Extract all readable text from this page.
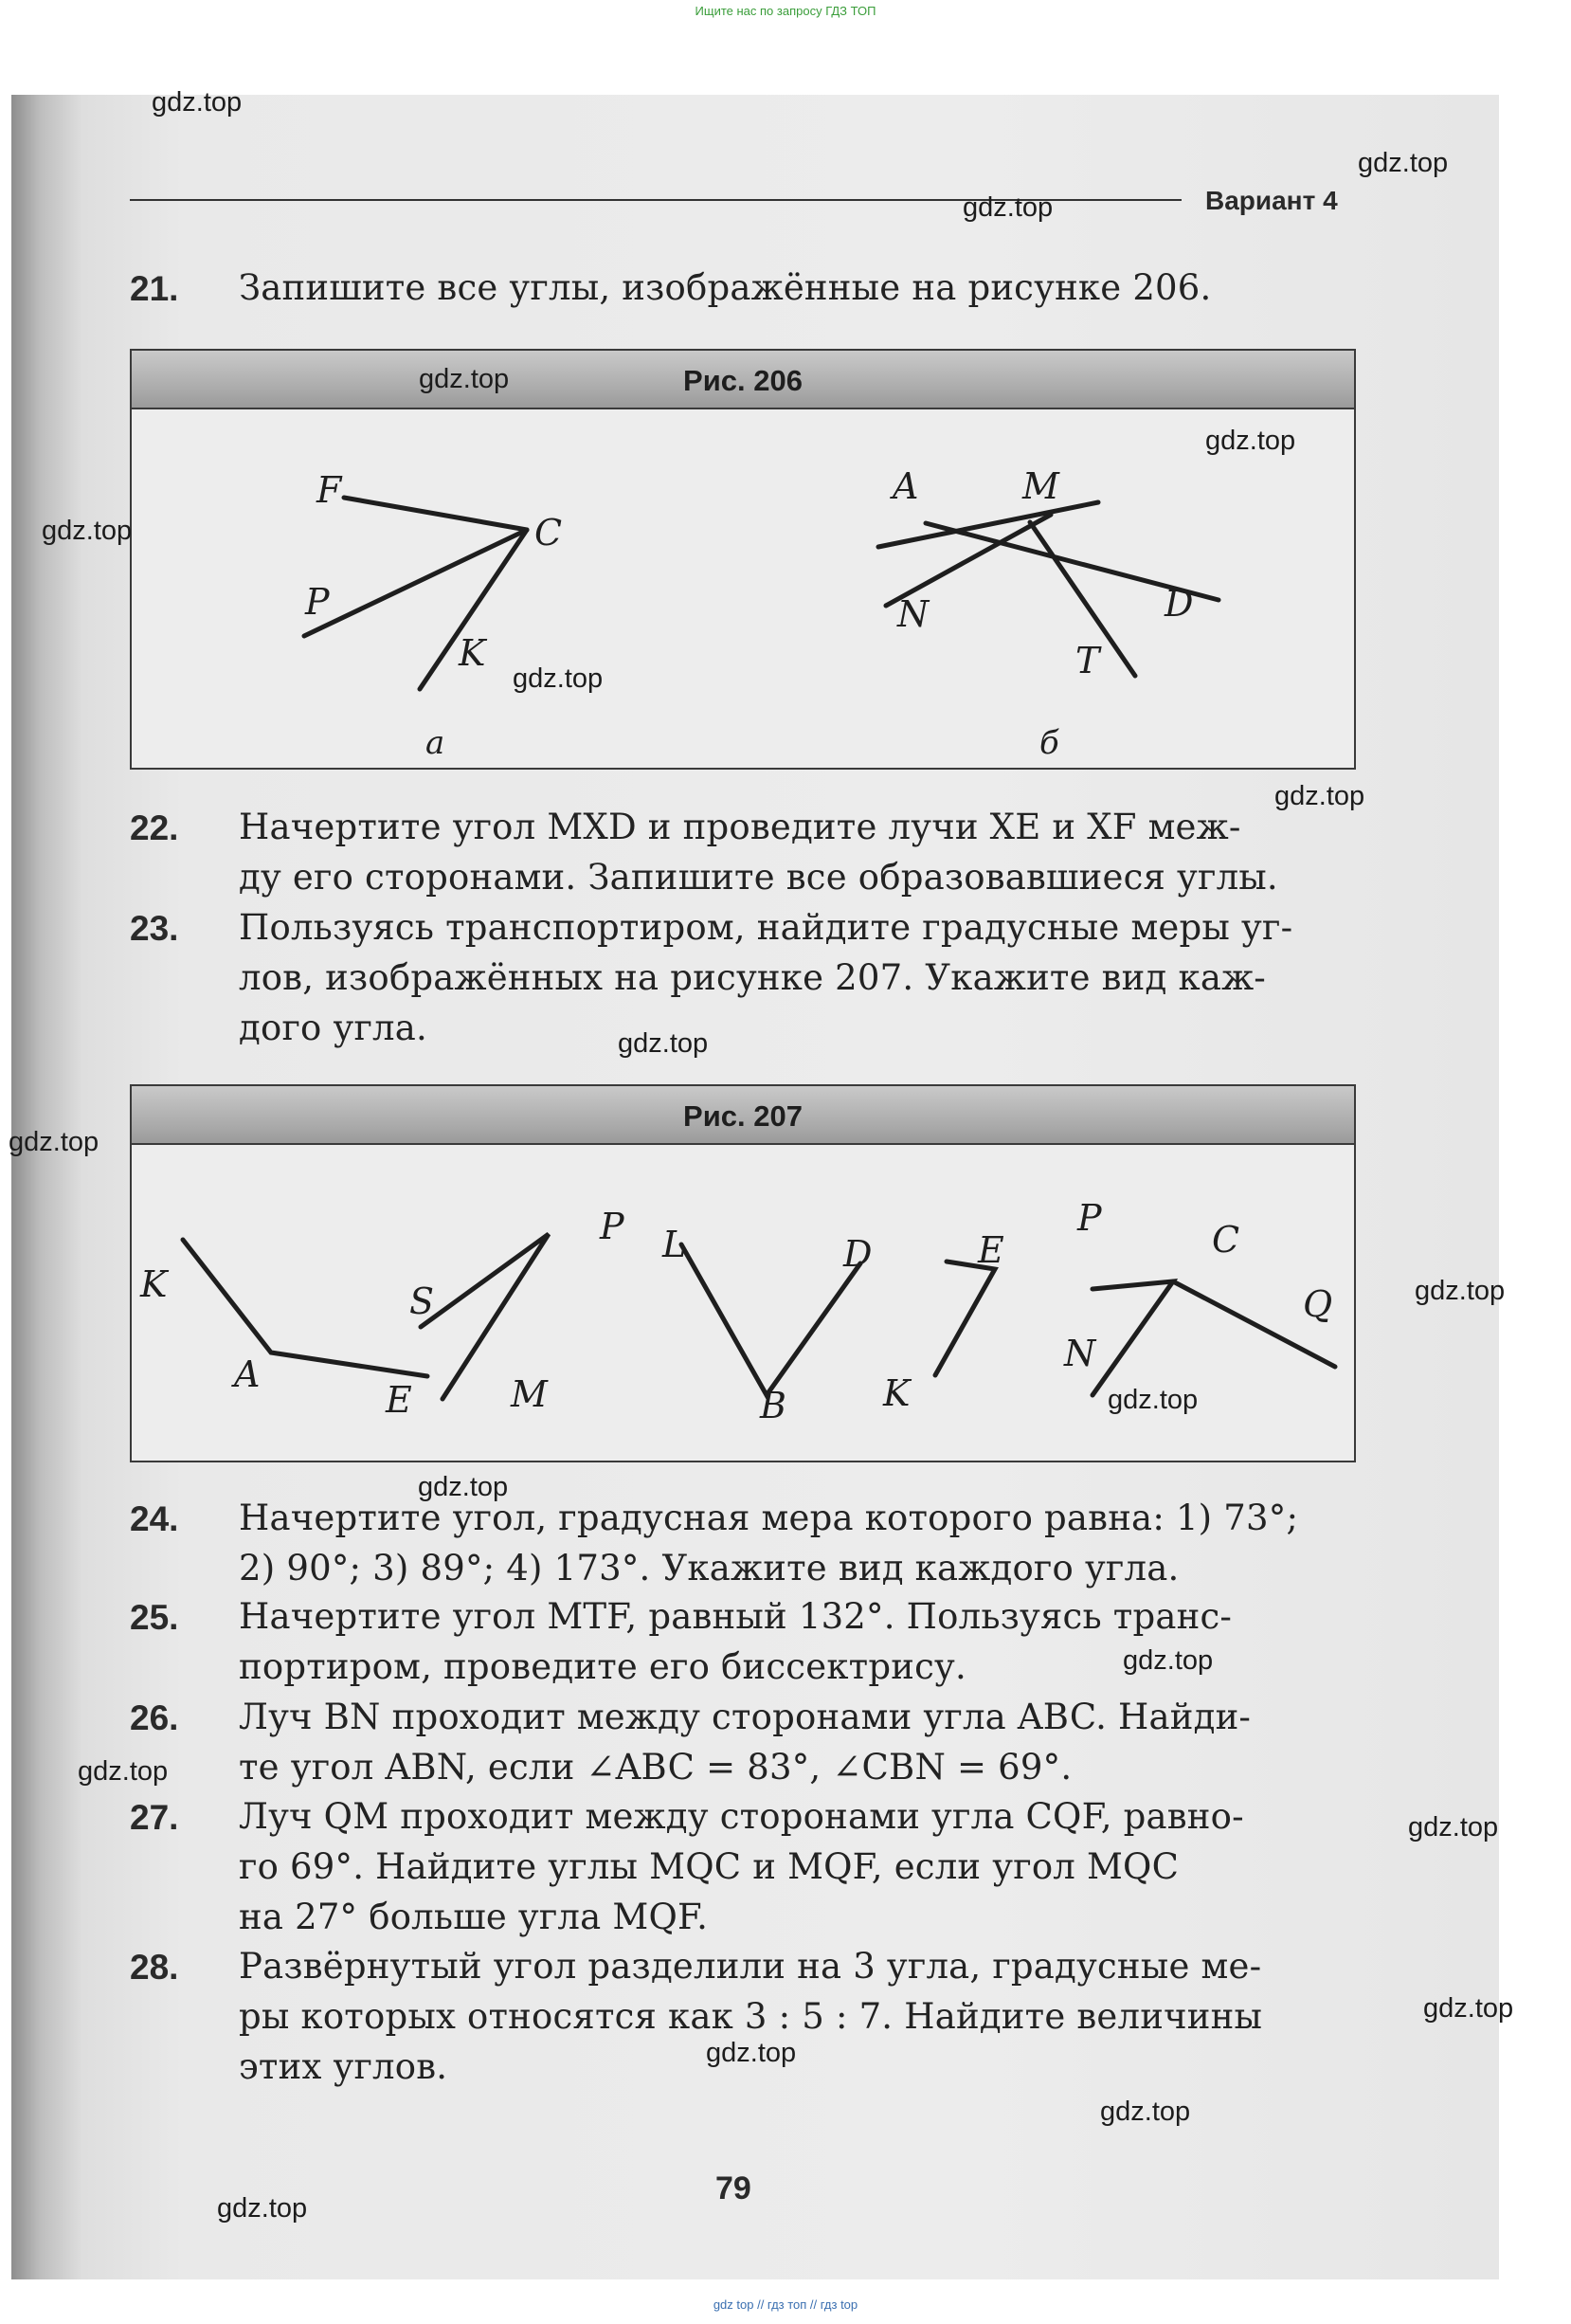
Ищите нас по запросу ГДЗ ТОП
Вариант 4
21. Запишите все углы, изображённые на рисунке 206.
Рис. 206
F
C
P
K
а
A	M
N	D
T
б
22. Начертите угол MXD и проведите лучи XE и XF меж-
ду его сторонами. Запишите все образовавшиеся углы.
23. Пользуясь транспортиром, найдите градусные меры уг-
лов, изображённых на рисунке 207. Укажите вид каж-
дого угла.
Рис. 207
K
A
E
S
P
M
L	D
B
E
P
K
C
Q
N
24. Начертите угол, градусная мера которого равна: 1) 73°;
2) 90°; 3) 89°; 4) 173°. Укажите вид каждого угла.
25. Начертите угол MTF, равный 132°. Пользуясь транс-
портиром, проведите его биссектрису.
26. Луч BN проходит между сторонами угла ABC. Найди-
те угол ABN, если ∠ABC = 83°, ∠CBN = 69°.
27. Луч QM проходит между сторонами угла CQF, равно-
го 69°. Найдите углы MQC и MQF, если угол MQC
на 27° больше угла MQF.
28. Развёрнутый угол разделили на 3 угла, градусные ме-
ры которых относятся как 3 : 5 : 7. Найдите величины
этих углов.
79
gdz.top
gdz.top
gdz.top
gdz.top
gdz.top
gdz.top
gdz.top
gdz.top
gdz.top
gdz.top
gdz.top
gdz.top
gdz.top
gdz.top
gdz.top
gdz.top
gdz.top
gdz.top
gdz.top
gdz.top
gdz top // гдз топ // гдз top
